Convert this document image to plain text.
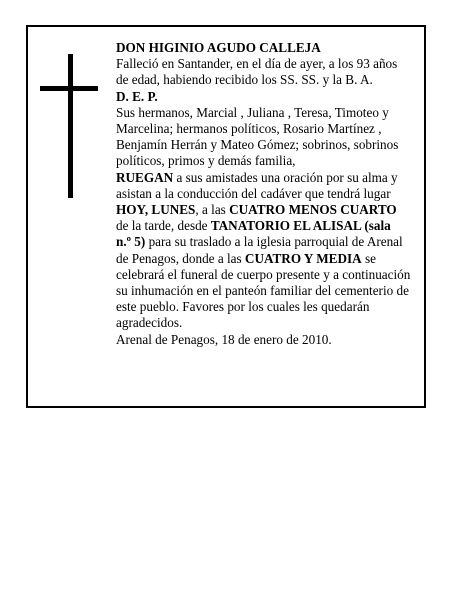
DON HIGINIO AGUDO CALLEJA
Falleció en Santander, en el día de ayer, a los 93 años
de edad, habiendo recibido los SS. SS. y la B. A.
D. E. P.
Sus hermanos, Marcial , Juliana , Teresa, Timoteo y
Marcelina; hermanos políticos, Rosario Martínez ,
Benjamín Herrán y Mateo Gómez; sobrinos, sobrinos
políticos, primos y demás familia,
RUEGAN a sus amistades una oración por su alma y
asistan a la conducción del cadáver que tendrá lugar
HOY, LUNES, a las CUATRO MENOS CUARTO
de la tarde, desde TANATORIO EL ALISAL (sala
n.º 5) para su traslado a la iglesia parroquial de Arenal
de Penagos, donde a las CUATRO Y MEDIA se
celebrará el funeral de cuerpo presente y a continuación
su inhumación en el panteón familiar del cementerio de
este pueblo. Favores por los cuales les quedarán
agradecidos.
Arenal de Penagos, 18 de enero de 2010.
